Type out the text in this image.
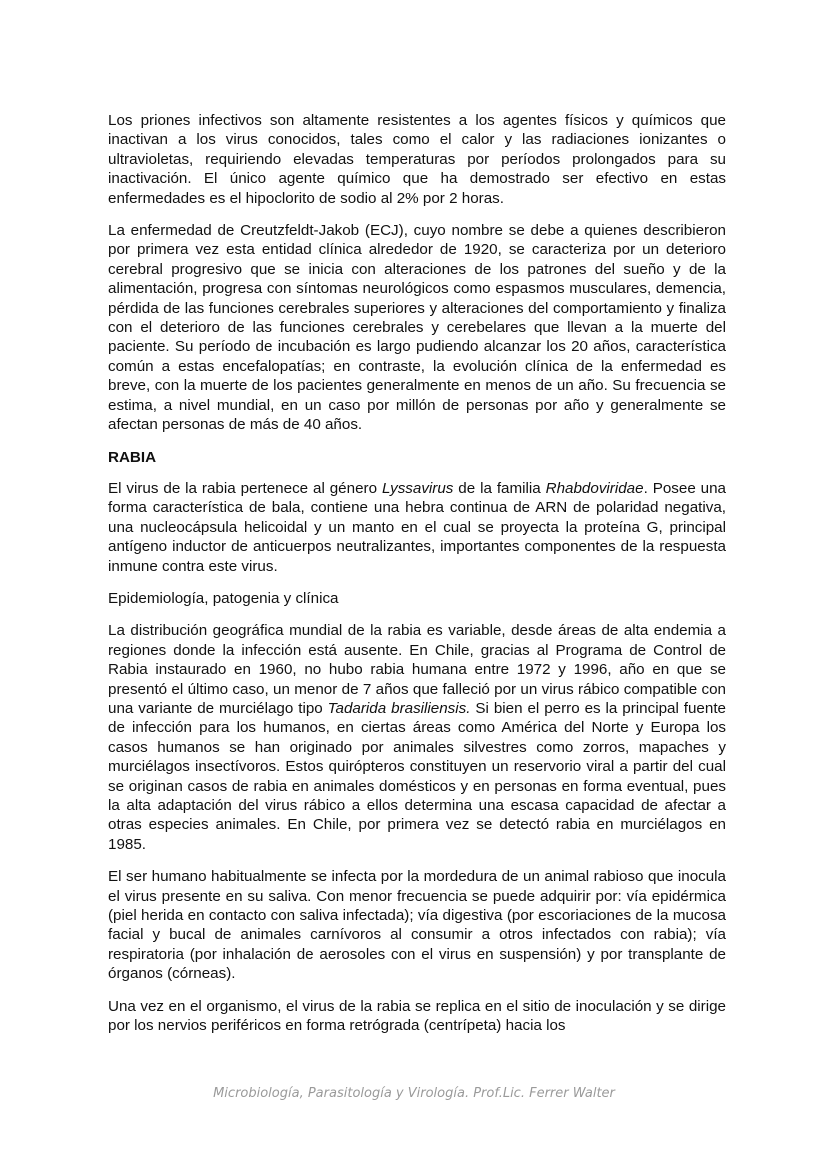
Los priones infectivos son altamente resistentes a los agentes físicos y químicos que inactivan a los virus conocidos, tales como el calor y las radiaciones ionizantes o ultravioletas, requiriendo elevadas temperaturas por períodos prolongados para su inactivación. El único agente químico que ha demostrado ser efectivo en estas enfermedades es el hipoclorito de sodio al 2% por 2 horas.

La enfermedad de Creutzfeldt-Jakob (ECJ), cuyo nombre se debe a quienes describieron por primera vez esta entidad clínica alrededor de 1920, se caracteriza por un deterioro cerebral progresivo que se inicia con alteraciones de los patrones del sueño y de la alimentación, progresa con síntomas neurológicos como espasmos musculares, demencia, pérdida de las funciones cerebrales superiores y alteraciones del comportamiento y finaliza con el deterioro de las funciones cerebrales y cerebelares que llevan a la muerte del paciente. Su período de incubación es largo pudiendo alcanzar los 20 años, característica común a estas encefalopatías; en contraste, la evolución clínica de la enfermedad es breve, con la muerte de los pacientes generalmente en menos de un año. Su frecuencia se estima, a nivel mundial, en un caso por millón de personas por año y generalmente se afectan personas de más de 40 años.

RABIA

El virus de la rabia pertenece al género Lyssavirus de la familia Rhabdoviridae. Posee una forma característica de bala, contiene una hebra continua de ARN de polaridad negativa, una nucleocápsula helicoidal y un manto en el cual se proyecta la proteína G, principal antígeno inductor de anticuerpos neutralizantes, importantes componentes de la respuesta inmune contra este virus.

Epidemiología, patogenia y clínica

La distribución geográfica mundial de la rabia es variable, desde áreas de alta endemia a regiones donde la infección está ausente. En Chile, gracias al Programa de Control de Rabia instaurado en 1960, no hubo rabia humana entre 1972 y 1996, año en que se presentó el último caso, un menor de 7 años que falleció por un virus rábico compatible con una variante de murciélago tipo Tadarida brasiliensis. Si bien el perro es la principal fuente de infección para los humanos, en ciertas áreas como América del Norte y Europa los casos humanos se han originado por animales silvestres como zorros, mapaches y murciélagos insectívoros. Estos quirópteros constituyen un reservorio viral a partir del cual se originan casos de rabia en animales domésticos y en personas en forma eventual, pues la alta adaptación del virus rábico a ellos determina una escasa capacidad de afectar a otras especies animales. En Chile, por primera vez se detectó rabia en murciélagos en 1985.

El ser humano habitualmente se infecta por la mordedura de un animal rabioso que inocula el virus presente en su saliva. Con menor frecuencia se puede adquirir por: vía epidérmica (piel herida en contacto con saliva infectada); vía digestiva (por escoriaciones de la mucosa facial y bucal de animales carnívoros al consumir a otros infectados con rabia); vía respiratoria (por inhalación de aerosoles con el virus en suspensión) y por transplante de órganos (córneas).

Una vez en el organismo, el virus de la rabia se replica en el sitio de inoculación y se dirige por los nervios periféricos en forma retrógrada (centrípeta) hacia los

Microbiología, Parasitología y Virología. Prof.Lic. Ferrer Walter
